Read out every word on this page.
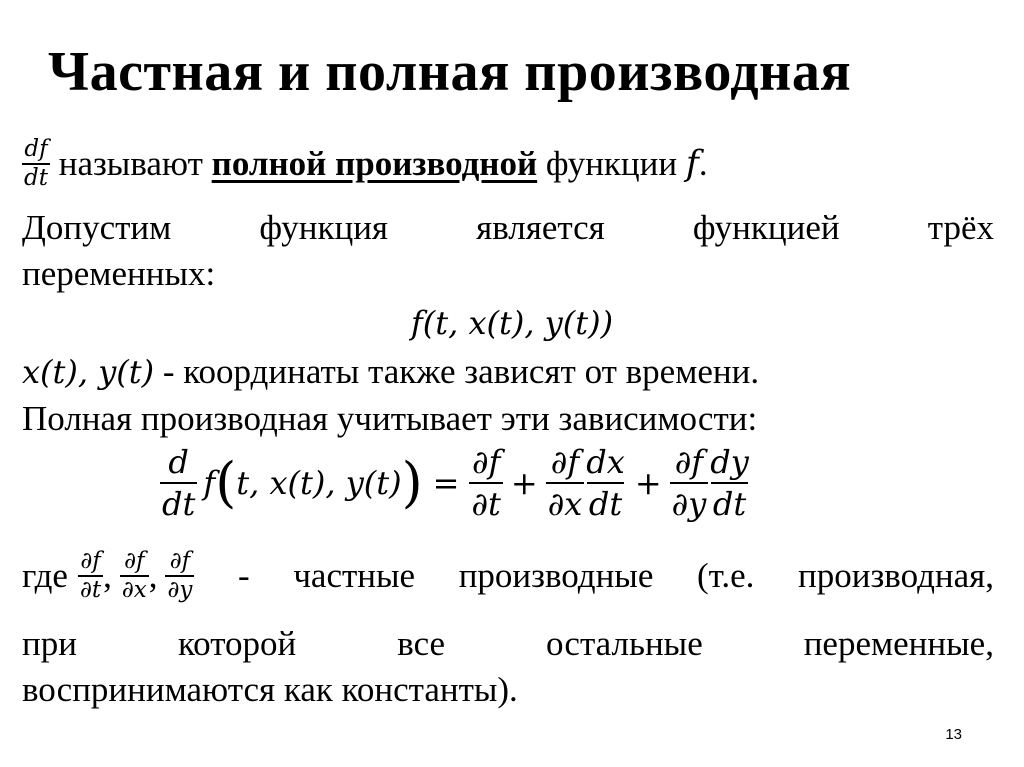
Частная и полная производная
$\frac{df}{dt}$ называют полной производной функции f .
Допустим	функция	является	функцией	трёх
переменных:
f(t, x(t), y(t))
x(t), y(t) - координаты также зависят от времени.
Полная производная учитывает эти зависимости:
$\frac{d}{dt}$ f ( t, x(t), y(t) ) = $\frac{\partial f}{\partial t} + \frac{\partial f}{\partial x} \frac{dx}{dt} + \frac{\partial f}{\partial y} \frac{dy}{dt}$
где $\frac{\partial f}{\partial t}$ , $\frac{\partial f}{\partial x}$ , $\frac{\partial f}{\partial y}$ - частные производные (т.е. производная,
при	которой	все	остальные	переменные,
воспринимаются как константы).
13
